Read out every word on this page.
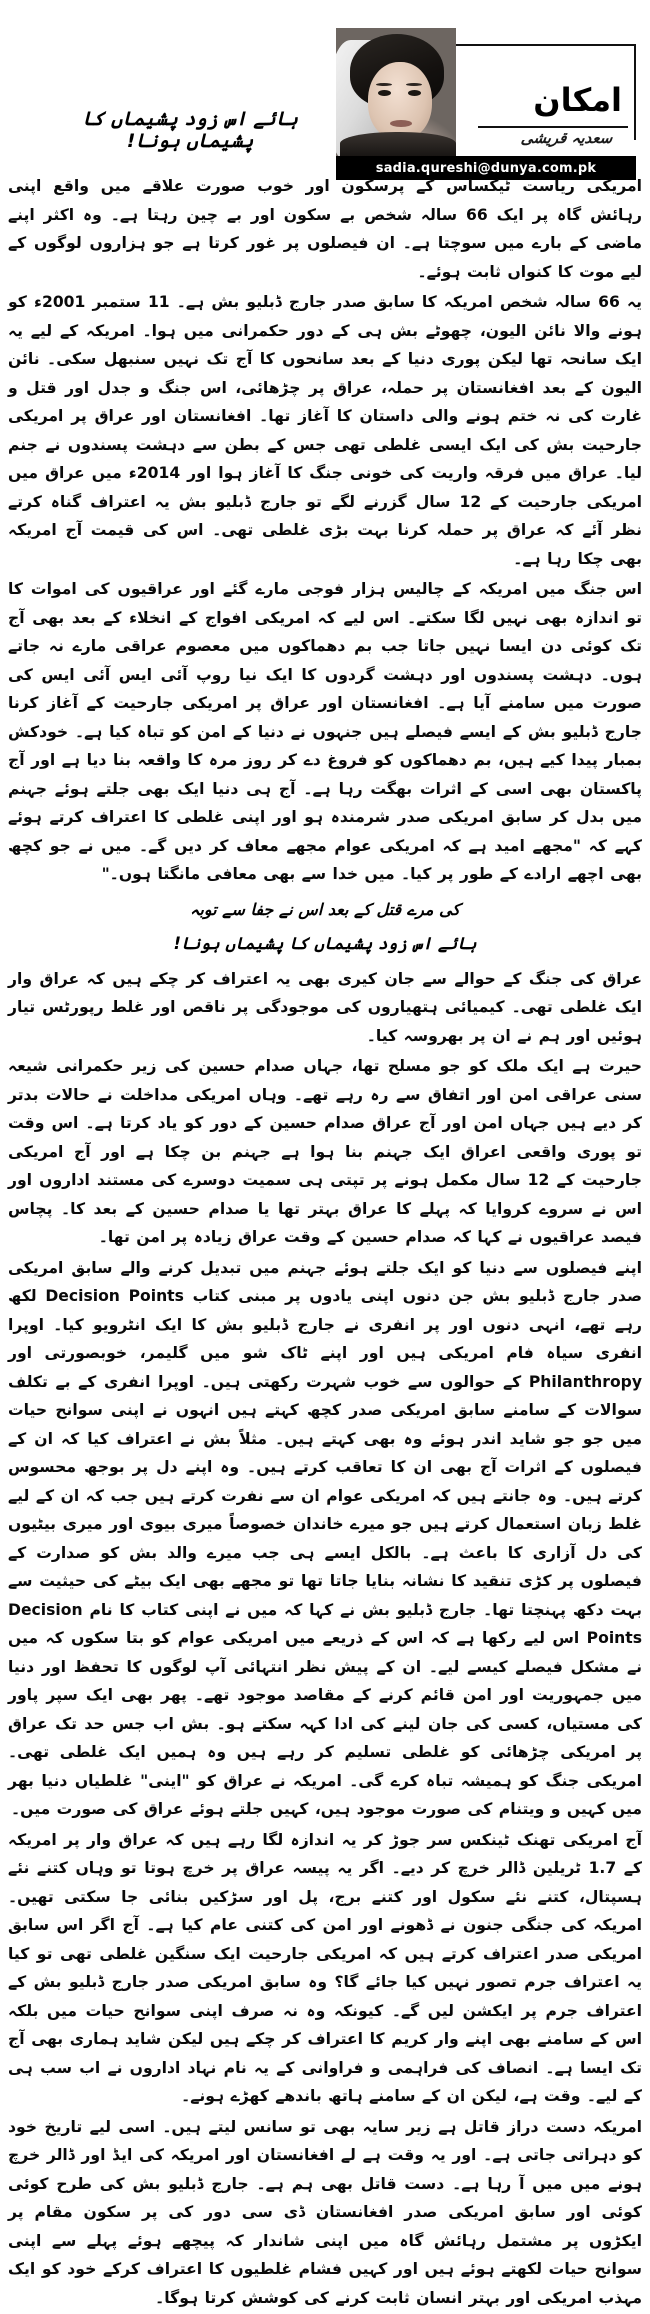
امکان
سعدیہ قریشی
sadia.qureshi@dunya.com.pk
ہائے اس زود پشیماں کا پشیماں ہونا!

امریکی ریاست ٹیکساس کے پرسکون اور خوب صورت علاقے میں واقع اپنی رہائش گاہ پر ایک 66 سالہ شخص بے سکون اور بے چین رہتا ہے۔ وہ اکثر اپنے ماضی کے بارے میں سوچتا ہے۔ ان فیصلوں پر غور کرتا ہے جو ہزاروں لوگوں کے لیے موت کا کنواں ثابت ہوئے۔

یہ 66 سالہ شخص امریکہ کا سابق صدر جارج ڈبلیو بش ہے۔ 11 ستمبر 2001ء کو ہونے والا نائن الیون، چھوٹے بش ہی کے دور حکمرانی میں ہوا۔ امریکہ کے لیے یہ ایک سانحہ تھا لیکن پوری دنیا کے بعد سانحوں کا آج تک نہیں سنبھل سکی۔ نائن الیون کے بعد افغانستان پر حملہ، عراق پر چڑھائی، اس جنگ و جدل اور قتل و غارت کی نہ ختم ہونے والی داستان کا آغاز تھا۔ افغانستان اور عراق پر امریکی جارحیت بش کی ایک ایسی غلطی تھی جس کے بطن سے دہشت پسندوں نے جنم لیا۔ عراق میں فرقہ واریت کی خونی جنگ کا آغاز ہوا اور 2014ء میں عراق میں امریکی جارحیت کے 12 سال گزرنے لگے تو جارج ڈبلیو بش یہ اعتراف گناہ کرتے نظر آئے کہ عراق پر حملہ کرنا بہت بڑی غلطی تھی۔ اس کی قیمت آج امریکہ بھی چکا رہا ہے۔

اس جنگ میں امریکہ کے چالیس ہزار فوجی مارے گئے اور عراقیوں کی اموات کا تو اندازہ بھی نہیں لگا سکتے۔ اس لیے کہ امریکی افواج کے انخلاء کے بعد بھی آج تک کوئی دن ایسا نہیں جاتا جب بم دھماکوں میں معصوم عراقی مارے نہ جاتے ہوں۔ دہشت پسندوں اور دہشت گردوں کا ایک نیا روپ آئی ایس آئی ایس کی صورت میں سامنے آیا ہے۔ افغانستان اور عراق پر امریکی جارحیت کے آغاز کرنا جارج ڈبلیو بش کے ایسے فیصلے ہیں جنہوں نے دنیا کے امن کو تباہ کیا ہے۔ خودکش بمبار پیدا کیے ہیں، بم دھماکوں کو فروغ دے کر روز مرہ کا واقعہ بنا دیا ہے اور آج پاکستان بھی اسی کے اثرات بھگت رہا ہے۔ آج ہی دنیا ایک بھی جلتے ہوئے جہنم میں بدل کر سابق امریکی صدر شرمندہ ہو اور اپنی غلطی کا اعتراف کرتے ہوئے کہے کہ "مجھے امید ہے کہ امریکی عوام مجھے معاف کر دیں گے۔ میں نے جو کچھ بھی اچھے ارادے کے طور پر کیا۔ میں خدا سے بھی معافی مانگتا ہوں۔"

کی مرے قتل کے بعد اس نے جفا سے توبہ

ہائے اس زود پشیماں کا پشیماں ہونا!

عراق کی جنگ کے حوالے سے جان کیری بھی یہ اعتراف کر چکے ہیں کہ عراق وار ایک غلطی تھی۔ کیمیائی ہتھیاروں کی موجودگی پر ناقص اور غلط رپورٹس تیار ہوئیں اور ہم نے ان پر بھروسہ کیا۔

حیرت ہے ایک ملک کو جو مسلح تھا، جہاں صدام حسین کی زیر حکمرانی شیعہ سنی عراقی امن اور اتفاق سے رہ رہے تھے۔ وہاں امریکی مداخلت نے حالات بدتر کر دیے ہیں جہاں امن اور آج عراق صدام حسین کے دور کو یاد کرتا ہے۔ اس وقت تو پوری واقعی اعراق ایک جہنم بنا ہوا ہے جہنم بن چکا ہے اور آج امریکی جارحیت کے 12 سال مکمل ہونے پر تپتی ہی سمیت دوسرے کی مستند اداروں اور اس نے سروے کروایا کہ پہلے کا عراق بہتر تھا یا صدام حسین کے بعد کا۔ پچاس فیصد عراقیوں نے کہا کہ صدام حسین کے وقت عراق زیادہ پر امن تھا۔

اپنے فیصلوں سے دنیا کو ایک جلتے ہوئے جہنم میں تبدیل کرنے والے سابق امریکی صدر جارج ڈبلیو بش جن دنوں اپنی یادوں پر مبنی کتاب Decision Points لکھ رہے تھے، انہی دنوں اور پر انفری نے جارج ڈبلیو بش کا ایک انٹرویو کیا۔ اوپرا انفری سیاہ فام امریکی ہیں اور اپنے ٹاک شو میں گلیمر، خوبصورتی اور Philanthropy کے حوالوں سے خوب شہرت رکھتی ہیں۔ اوپرا انفری کے بے تکلف سوالات کے سامنے سابق امریکی صدر کچھ کہتے ہیں انہوں نے اپنی سوانح حیات میں جو جو شاید اندر ہوئے وہ بھی کہتے ہیں۔ مثلاً بش نے اعتراف کیا کہ ان کے فیصلوں کے اثرات آج بھی ان کا تعاقب کرتے ہیں۔ وہ اپنے دل پر بوجھ محسوس کرتے ہیں۔ وہ جانتے ہیں کہ امریکی عوام ان سے نفرت کرتے ہیں جب کہ ان کے لیے غلط زبان استعمال کرتے ہیں جو میرے خاندان خصوصاً میری بیوی اور میری بیٹیوں کی دل آزاری کا باعث ہے۔ بالکل ایسے ہی جب میرے والد بش کو صدارت کے فیصلوں پر کڑی تنقید کا نشانہ بنایا جاتا تھا تو مجھے بھی ایک بیٹے کی حیثیت سے بہت دکھ پہنچتا تھا۔ جارج ڈبلیو بش نے کہا کہ میں نے اپنی کتاب کا نام Decision Points اس لیے رکھا ہے کہ اس کے ذریعے میں امریکی عوام کو بتا سکوں کہ میں نے مشکل فیصلے کیسے لیے۔ ان کے پیش نظر انتہائی آپ لوگوں کا تحفظ اور دنیا میں جمہوریت اور امن قائم کرنے کے مقاصد موجود تھے۔ پھر بھی ایک سپر پاور کی مستیاں، کسی کی جان لینے کی ادا کہہ سکتے ہو۔ بش اب جس حد تک عراق پر امریکی چڑھائی کو غلطی تسلیم کر رہے ہیں وہ ہمیں ایک غلطی تھی۔ امریکی جنگ کو ہمیشہ تباہ کرے گی۔ امریکہ نے عراق کو "اینی" غلطیاں دنیا بھر میں کہیں و ویتنام کی صورت موجود ہیں، کہیں جلتے ہوئے عراق کی صورت میں۔

آج امریکی تھنک ٹینکس سر جوڑ کر یہ اندازہ لگا رہے ہیں کہ عراق وار پر امریکہ کے 1.7 ٹریلین ڈالر خرچ کر دیے۔ اگر یہ پیسہ عراق پر خرچ ہوتا تو وہاں کتنے نئے ہسپتال، کتنے نئے سکول اور کتنے برج، پل اور سڑکیں بنائی جا سکتی تھیں۔ امریکہ کی جنگی جنون نے ڈھونے اور امن کی کتنی عام کیا ہے۔ آج اگر اس سابق امریکی صدر اعتراف کرتے ہیں کہ امریکی جارحیت ایک سنگین غلطی تھی تو کیا یہ اعتراف جرم تصور نہیں کیا جائے گا؟ وہ سابق امریکی صدر جارج ڈبلیو بش کے اعتراف جرم پر ایکشن لیں گے۔ کیونکہ وہ نہ صرف اپنی سوانح حیات میں بلکہ اس کے سامنے بھی اپنے وار کریم کا اعتراف کر چکے ہیں لیکن شاید ہماری بھی آج تک ایسا ہے۔ انصاف کی فراہمی و فراوانی کے یہ نام نہاد اداروں نے اب سب ہی کے لیے۔ وقت ہے، لیکن ان کے سامنے ہاتھ باندھے کھڑے ہونے۔

امریکہ دست دراز قاتل ہے زیر سایہ بھی تو سانس لیتے ہیں۔ اسی لیے تاریخ خود کو دہراتی جاتی ہے۔ اور یہ وقت ہے لے افغانستان اور امریکہ کی ایڈ اور ڈالر خرچ ہونے میں میں آ رہا ہے۔ دست قاتل بھی ہم ہے۔ جارج ڈبلیو بش کی طرح کوئی کوئی اور سابق امریکی صدر افغانستان ڈی سی دور کی پر سکون مقام پر ایکڑوں پر مشتمل رہائش گاہ میں اپنی شاندار کہ پیچھے ہوئے پہلے سے اپنی سوانح حیات لکھتے ہوئے ہیں اور کہیں فشام غلطیوں کا اعتراف کرکے خود کو ایک مہذب امریکی اور بہتر انسان ثابت کرنے کی کوشش کرتا ہوگا۔
